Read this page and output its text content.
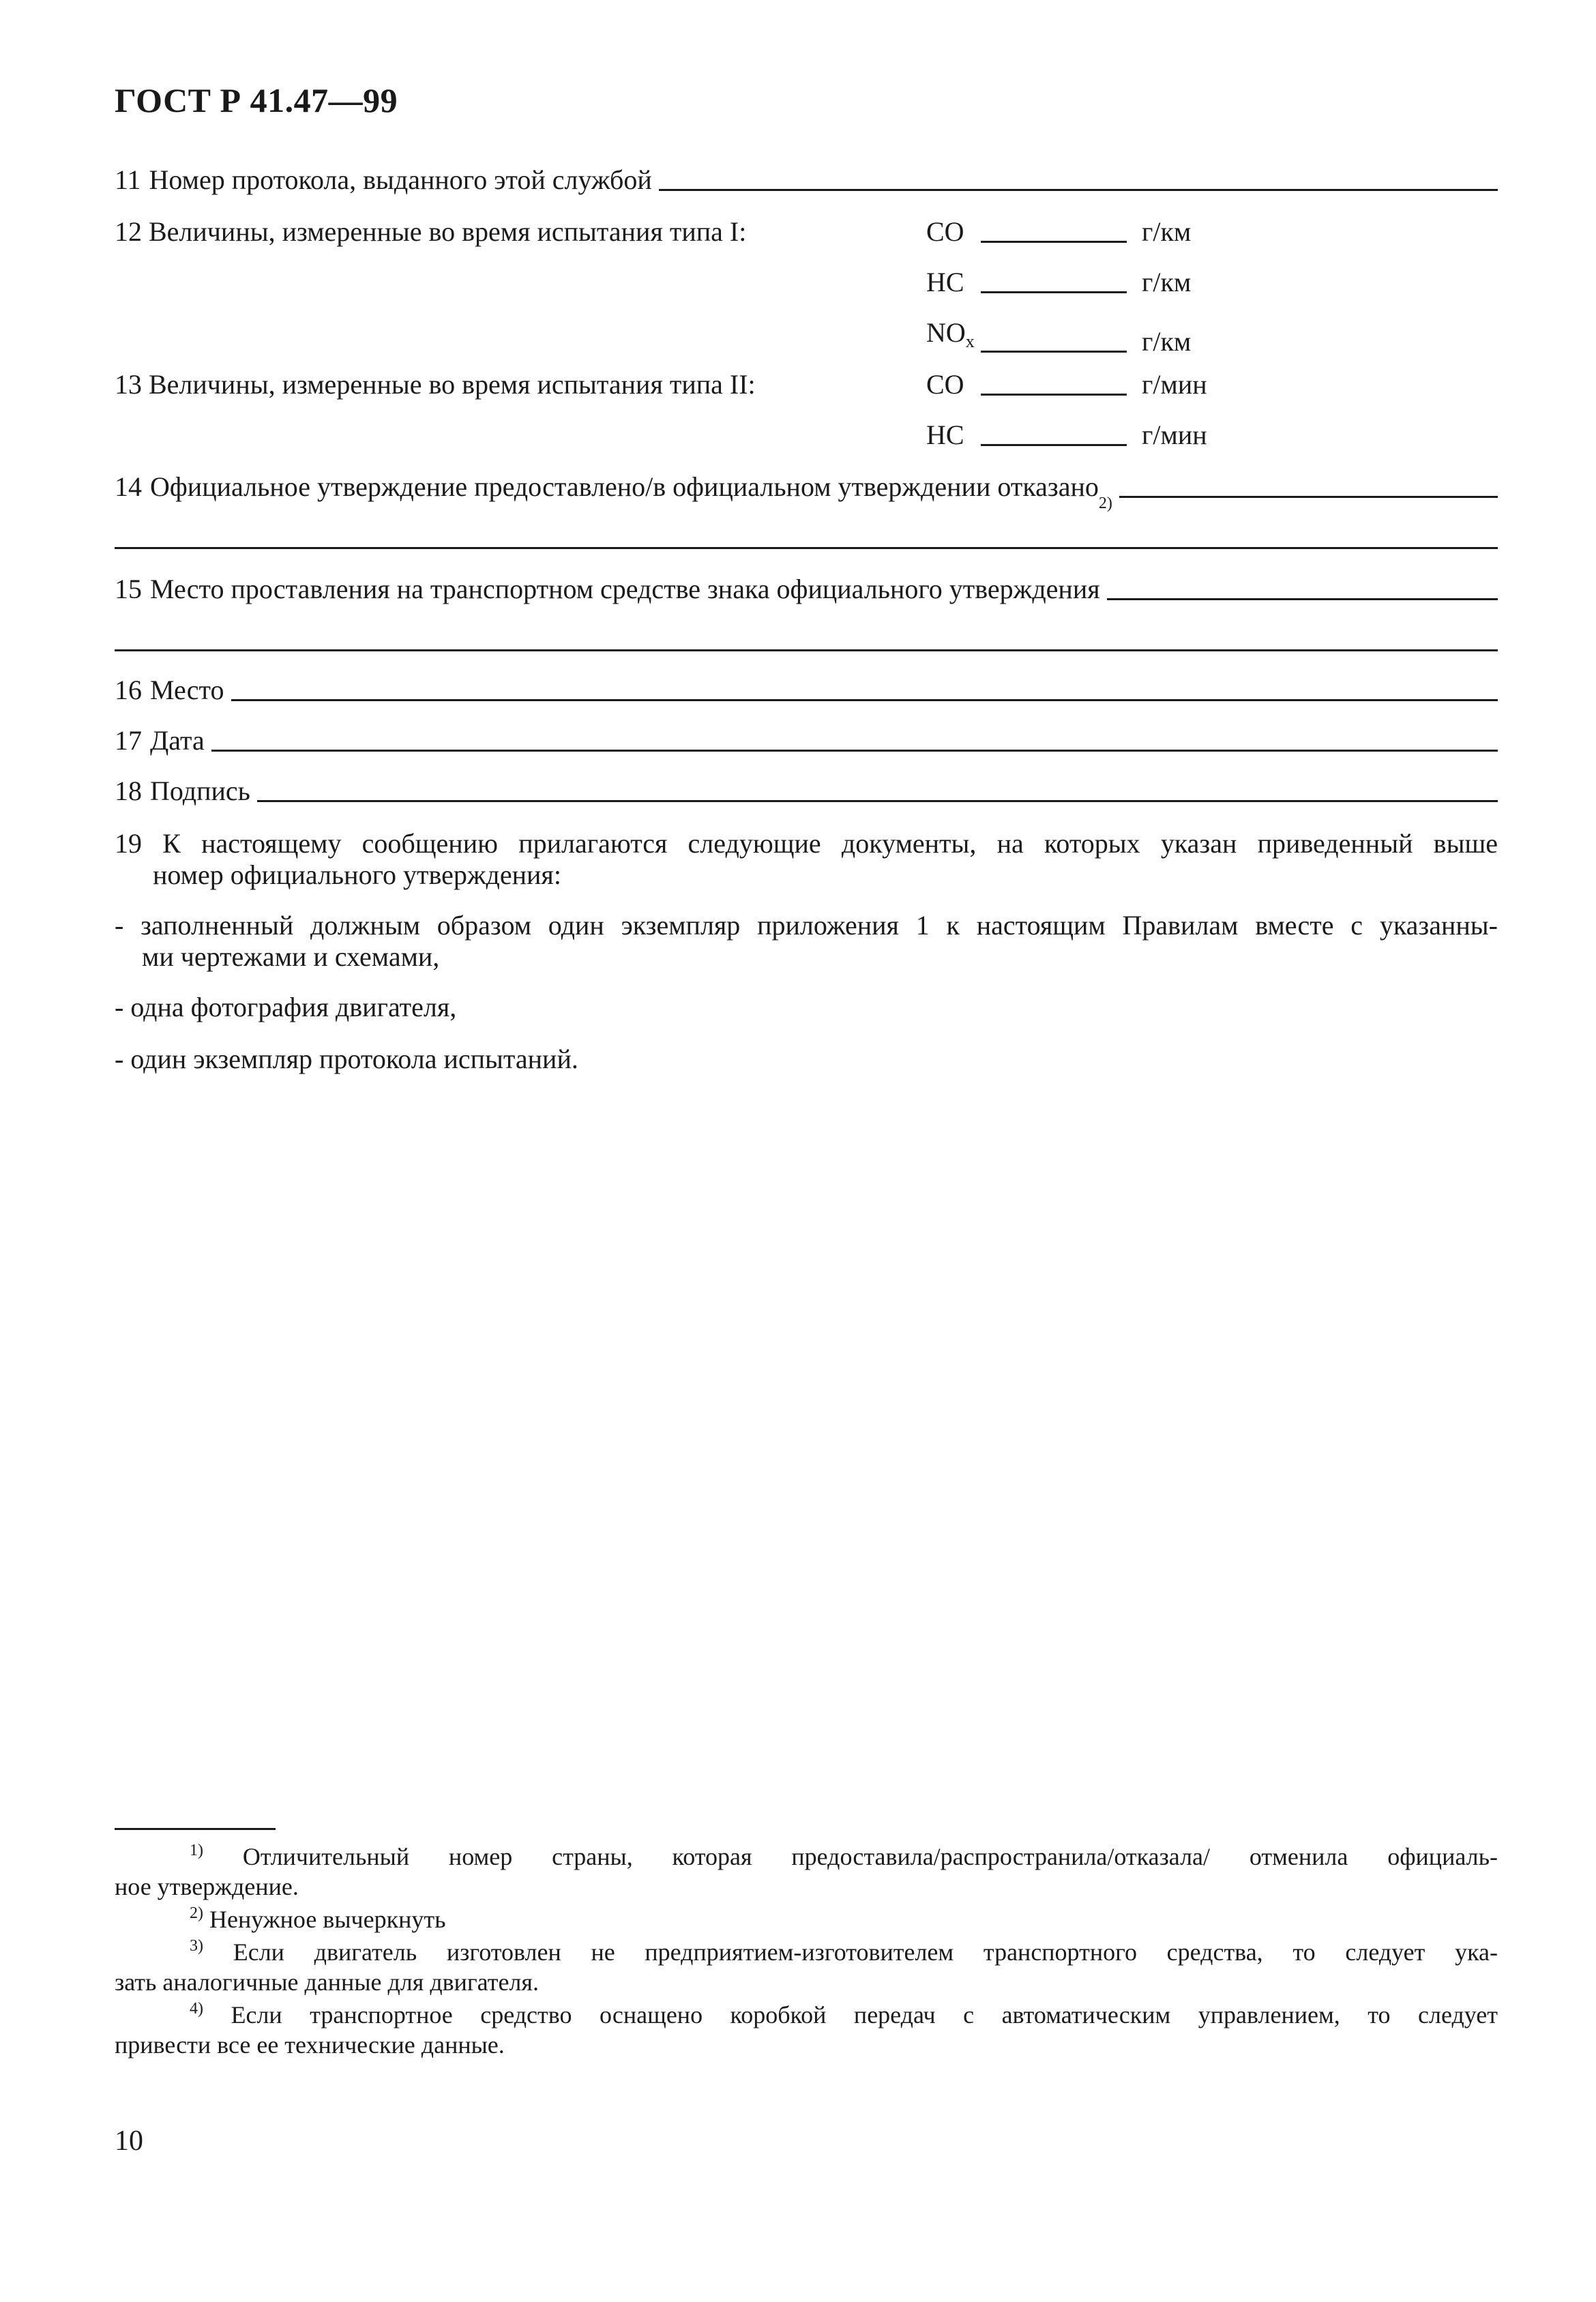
ГОСТ Р 41.47—99
11 Номер протокола, выданного этой службой
12 Величины, измеренные во время испытания типа I:	CO	г/км
HC	г/км
$NO_x$	г/км
13 Величины, измеренные во время испытания типа II:	CO	г/мин
HC	г/мин
14 Официальное утверждение предоставлено/в официальном утверждении отказано
2)
15 Место проставления на транспортном средстве знака официального утверждения
16 Место
17 Дата
18 Подпись
19 К настоящему сообщению прилагаются следующие документы, на которых указан приведенный выше
номер официального утверждения:
- заполненный должным образом один экземпляр приложения 1 к настоящим Правилам вместе с указанны-
ми чертежами и схемами,
- одна фотография двигателя,
- один экземпляр протокола испытаний.
$^{1)}$ Отличительный номер страны, которая предоставила/распространила/отказала/ отменила официаль-
ное утверждение.
$^{2)}$ Ненужное вычеркнуть
$^{3)}$ Если двигатель изготовлен не предприятием-изготовителем транспортного средства, то следует ука-
зать аналогичные данные для двигателя.
$^{4)}$ Если транспортное средство оснащено коробкой передач с автоматическим управлением, то следует
привести все ее технические данные.
10
